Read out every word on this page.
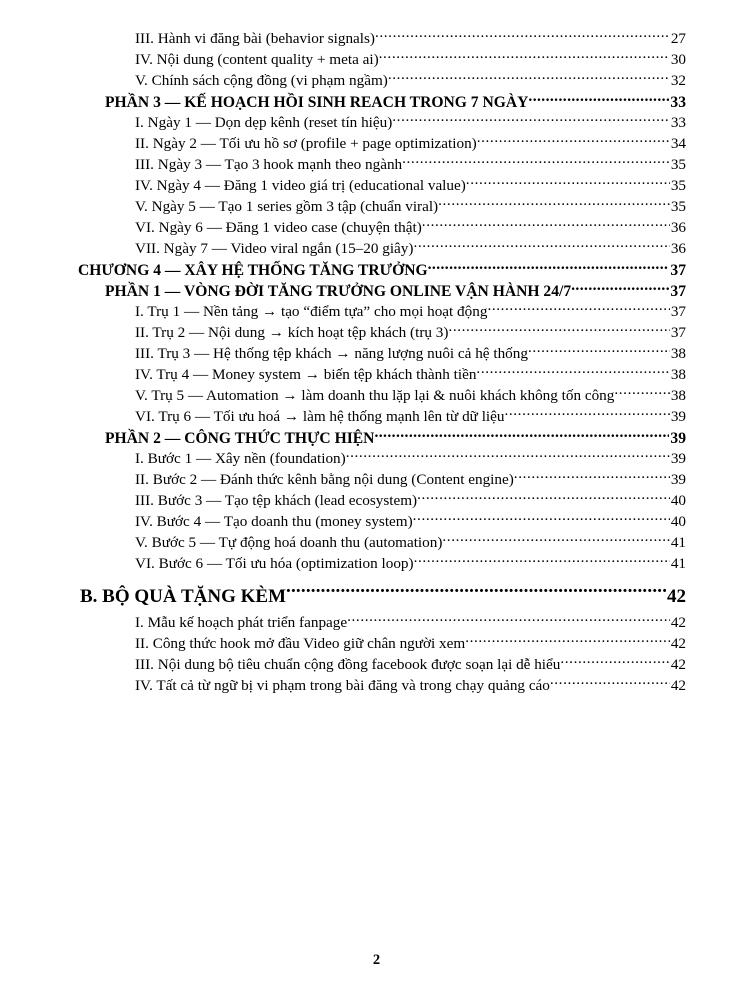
III. Hành vi đăng bài (behavior signals) .....	27
IV. Nội dung (content quality + meta ai) .....	30
V. Chính sách cộng đồng (vi phạm ngầm) .....	32
PHẦN 3 — KẾ HOẠCH HỒI SINH REACH TRONG 7 NGÀY .....	33
I. Ngày 1 — Dọn dẹp kênh (reset tín hiệu) .....	33
II. Ngày 2 — Tối ưu hồ sơ (profile + page optimization) .....	34
III. Ngày 3 — Tạo 3 hook mạnh theo ngành .....	35
IV. Ngày 4 — Đăng 1 video giá trị (educational value) .....	35
V. Ngày 5 — Tạo 1 series gồm 3 tập (chuẩn viral) .....	35
VI. Ngày 6 — Đăng 1 video case (chuyện thật) .....	36
VII. Ngày 7 — Video viral ngắn (15–20 giây) .....	36
CHƯƠNG 4 — XÂY HỆ THỐNG TĂNG TRƯỞNG .....	37
PHẦN 1 — VÒNG ĐỜI TĂNG TRƯỞNG ONLINE VẬN HÀNH 24/7 .....	37
I. Trụ 1 — Nền tảng → tạo “điểm tựa” cho mọi hoạt động .....	37
II. Trụ 2 — Nội dung → kích hoạt tệp khách (trụ 3) .....	37
III. Trụ 3 — Hệ thống tệp khách → năng lượng nuôi cả hệ thống .....	38
IV. Trụ 4 — Money system → biến tệp khách thành tiền .....	38
V. Trụ 5 — Automation → làm doanh thu lặp lại & nuôi khách không tốn công .....	38
VI. Trụ 6 — Tối ưu hoá → làm hệ thống mạnh lên từ dữ liệu .....	39
PHẦN 2 — CÔNG THỨC THỰC HIỆN .....	39
I. Bước 1 — Xây nền (foundation) .....	39
II. Bước 2 — Đánh thức kênh bằng nội dung (Content engine) .....	39
III. Bước 3 — Tạo tệp khách (lead ecosystem) .....	40
IV. Bước 4 — Tạo doanh thu (money system) .....	40
V. Bước 5 — Tự động hoá doanh thu (automation) .....	41
VI. Bước 6 — Tối ưu hóa (optimization loop) .....	41
B. BỘ QUÀ TẶNG KÈM .....	42
I. Mẫu kế hoạch phát triển fanpage .....	42
II. Công thức hook mở đầu Video giữ chân người xem .....	42
III. Nội dung bộ tiêu chuẩn cộng đồng facebook được soạn lại dễ hiểu .....	42
IV. Tất cả từ ngữ bị vi phạm trong bài đăng và trong chạy quảng cáo .....	42
2
